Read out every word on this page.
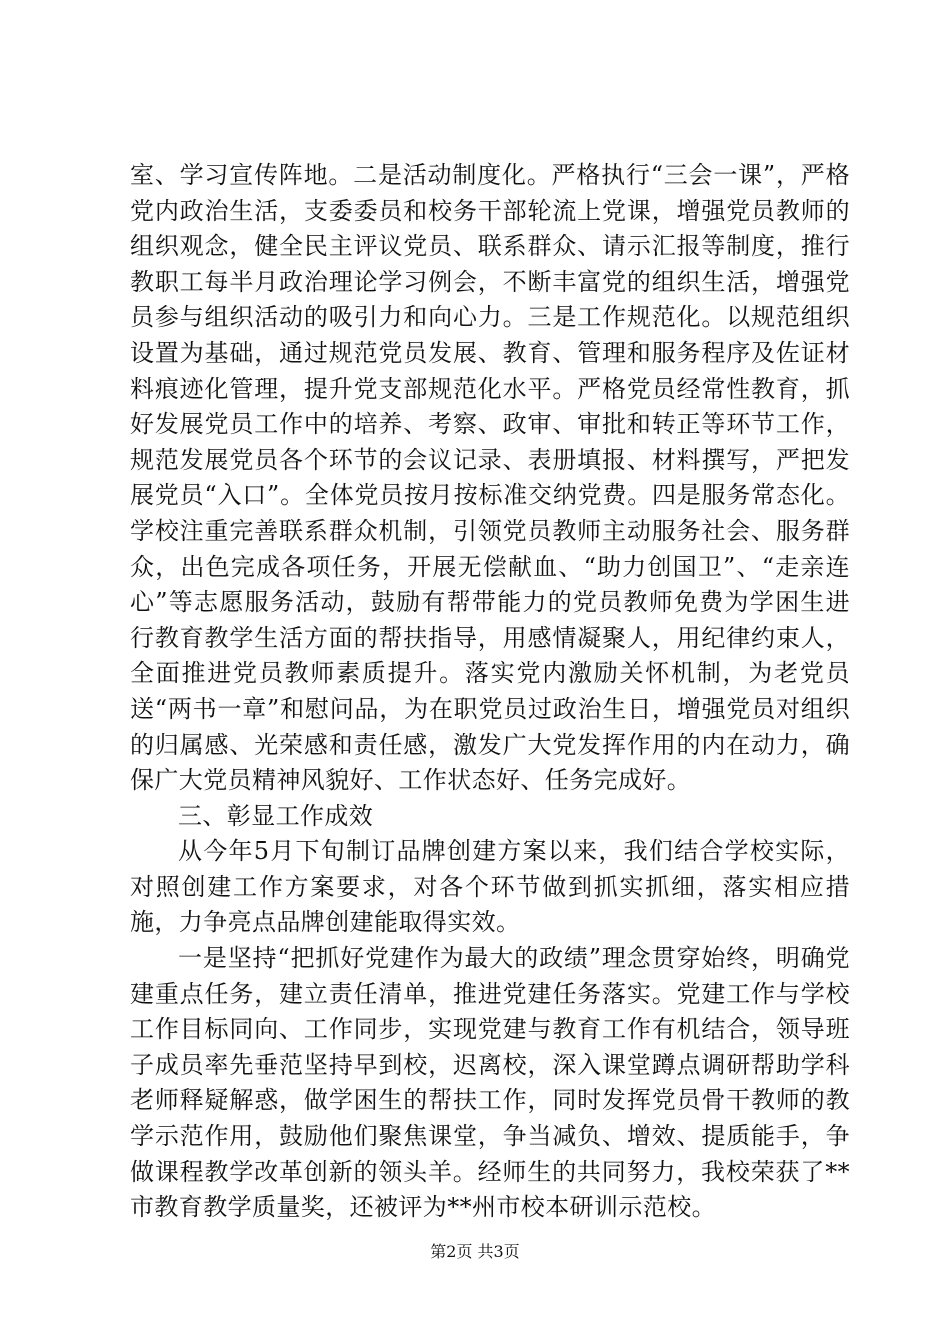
室、学习宣传阵地。二是活动制度化。严格执行“三会一课”，严格党内政治生活，支委委员和校务干部轮流上党课，增强党员教师的组织观念，健全民主评议党员、联系群众、请示汇报等制度，推行教职工每半月政治理论学习例会，不断丰富党的组织生活，增强党员参与组织活动的吸引力和向心力。三是工作规范化。以规范组织设置为基础，通过规范党员发展、教育、管理和服务程序及佐证材料痕迹化管理，提升党支部规范化水平。严格党员经常性教育，抓好发展党员工作中的培养、考察、政审、审批和转正等环节工作，规范发展党员各个环节的会议记录、表册填报、材料撰写，严把发展党员“入口”。全体党员按月按标准交纳党费。四是服务常态化。学校注重完善联系群众机制，引领党员教师主动服务社会、服务群众，出色完成各项任务，开展无偿献血、“助力创国卫”、“走亲连心”等志愿服务活动，鼓励有帮带能力的党员教师免费为学困生进行教育教学生活方面的帮扶指导，用感情凝聚人，用纪律约束人，全面推进党员教师素质提升。落实党内激励关怀机制，为老党员送“两书一章”和慰问品，为在职党员过政治生日，增强党员对组织的归属感、光荣感和责任感，激发广大党发挥作用的内在动力，确保广大党员精神风貌好、工作状态好、任务完成好。

三、彰显工作成效

从今年5月下旬制订品牌创建方案以来，我们结合学校实际，对照创建工作方案要求，对各个环节做到抓实抓细，落实相应措施，力争亮点品牌创建能取得实效。

一是坚持“把抓好党建作为最大的政绩”理念贯穿始终，明确党建重点任务，建立责任清单，推进党建任务落实。党建工作与学校工作目标同向、工作同步，实现党建与教育工作有机结合，领导班子成员率先垂范坚持早到校，迟离校，深入课堂蹲点调研帮助学科老师释疑解惑，做学困生的帮扶工作，同时发挥党员骨干教师的教学示范作用，鼓励他们聚焦课堂，争当减负、增效、提质能手，争做课程教学改革创新的领头羊。经师生的共同努力，我校荣获了**市教育教学质量奖，还被评为**州市校本研训示范校。

第2页 共3页
